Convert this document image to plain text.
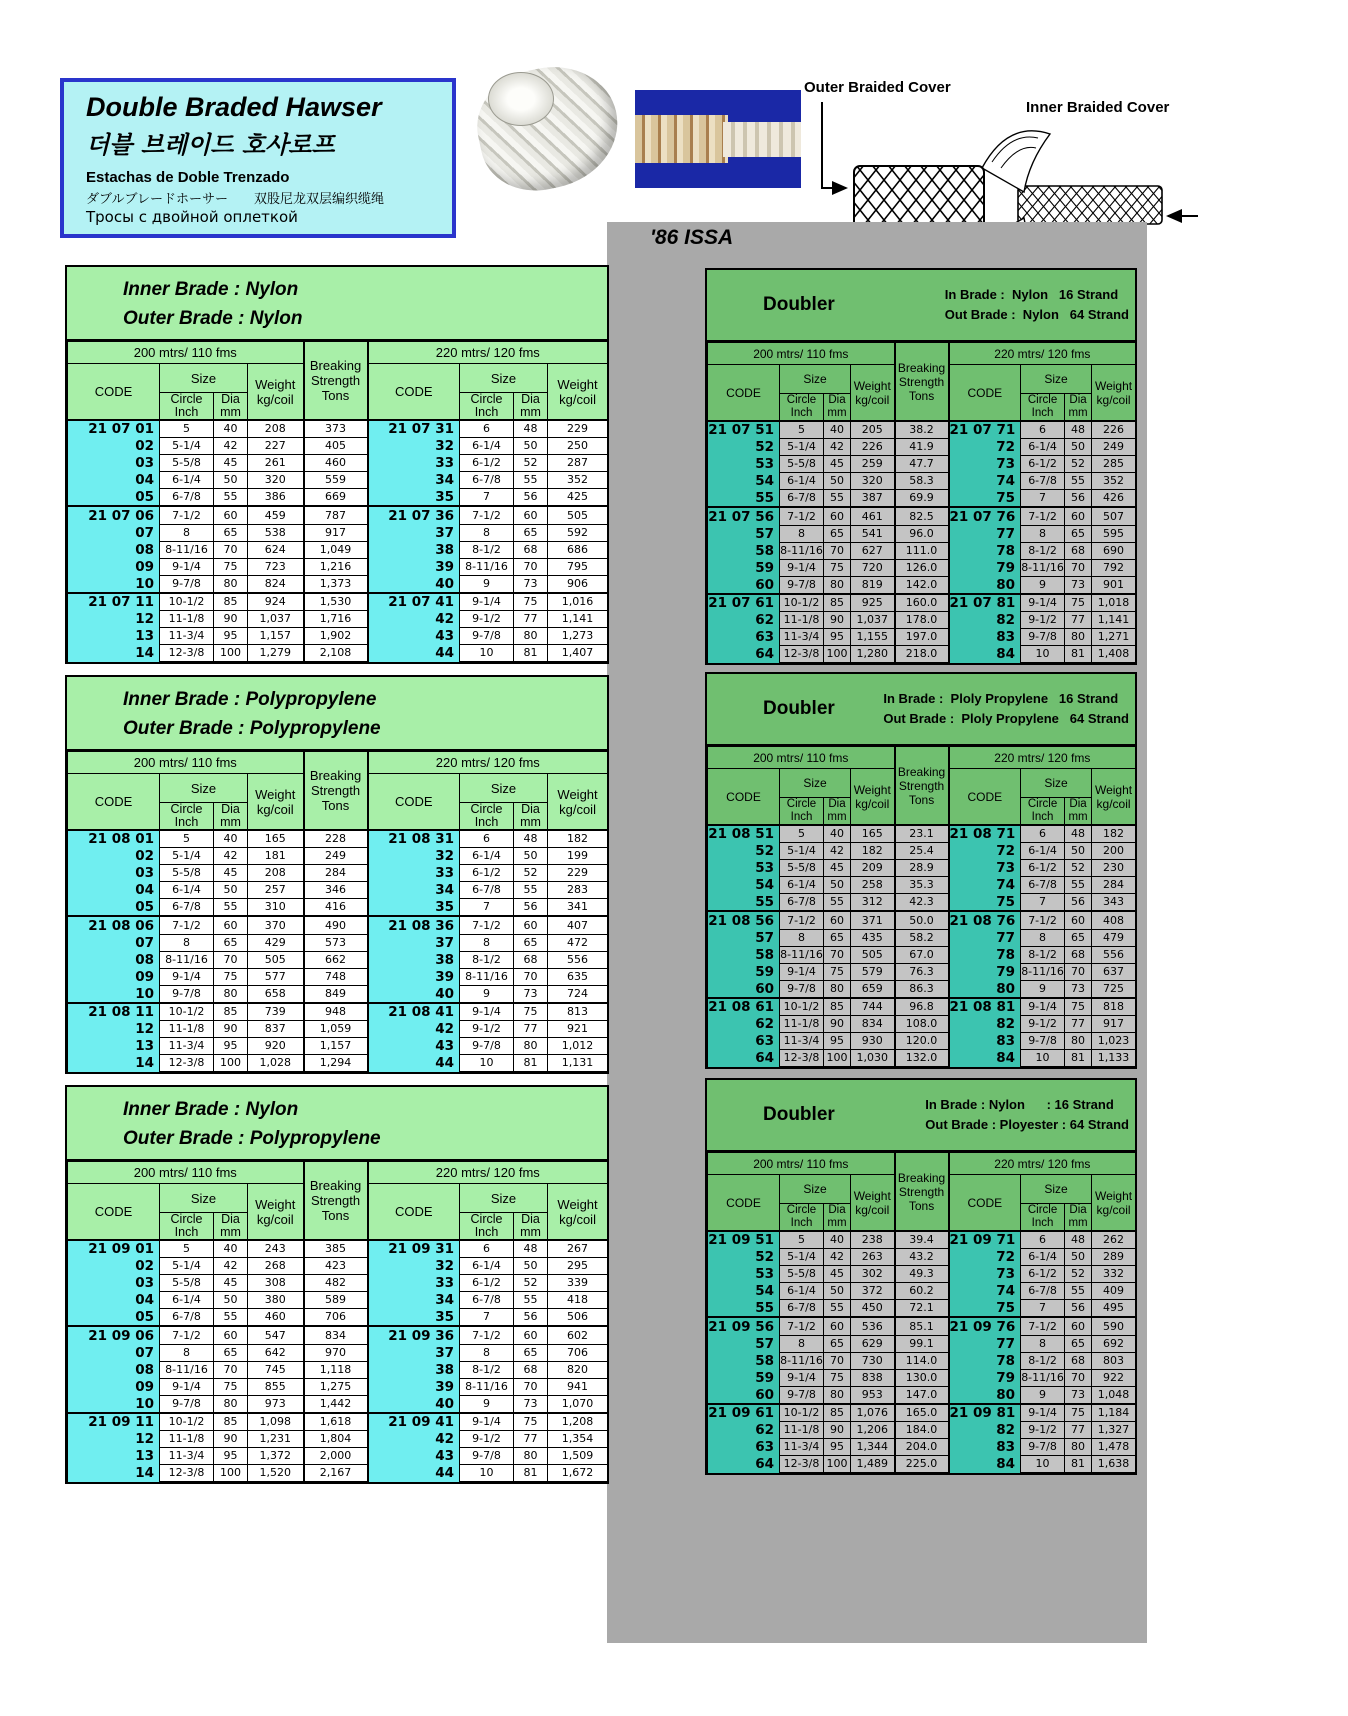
Double Braded Hawser
더블 브레이드 호사로프
Estachas de Doble Trenzado
ダブルブレードホーサー　　双股尼龙双层编织缆绳
Тросы с двойной оплеткой
Outer Braided Cover
Inner Braided Cover
'86 ISSA
Inner Brade : Nylon
Outer Brade : Nylon
200 mtrs/ 110 fms				Breaking
Strength
Tons	220 mtrs/ 120 fms			
CODE	Size		Weight
kg/coil		CODE	Size		Weight
kg/coil
	Circle
Inch	Dia
mm				Circle
Inch	Dia
mm	
21 07 01	5	40	208	373	21 07 31	6	48	229
02	5-1/4	42	227	405	32	6-1/4	50	250
03	5-5/8	45	261	460	33	6-1/2	52	287
04	6-1/4	50	320	559	34	6-7/8	55	352
05	6-7/8	55	386	669	35	7	56	425
21 07 06	7-1/2	60	459	787	21 07 36	7-1/2	60	505
07	8	65	538	917	37	8	65	592
08	8-11/16	70	624	1,049	38	8-1/2	68	686
09	9-1/4	75	723	1,216	39	8-11/16	70	795
10	9-7/8	80	824	1,373	40	9	73	906
21 07 11	10-1/2	85	924	1,530	21 07 41	9-1/4	75	1,016
12	11-1/8	90	1,037	1,716	42	9-1/2	77	1,141
13	11-3/4	95	1,157	1,902	43	9-7/8	80	1,273
14	12-3/8	100	1,279	2,108	44	10	81	1,407
Doubler	In Brade :  Nylon   16 Strand
Out Brade :  Nylon   64 Strand
200 mtrs/ 110 fms				Breaking
Strength
Tons	220 mtrs/ 120 fms			
CODE	Size		Weight
kg/coil		CODE	Size		Weight
kg/coil
	Circle
Inch	Dia
mm				Circle
Inch	Dia
mm	
21 07 51	5	40	205	38.2	21 07 71	6	48	226
52	5-1/4	42	226	41.9	72	6-1/4	50	249
53	5-5/8	45	259	47.7	73	6-1/2	52	285
54	6-1/4	50	320	58.3	74	6-7/8	55	352
55	6-7/8	55	387	69.9	75	7	56	426
21 07 56	7-1/2	60	461	82.5	21 07 76	7-1/2	60	507
57	8	65	541	96.0	77	8	65	595
58	8-11/16	70	627	111.0	78	8-1/2	68	690
59	9-1/4	75	720	126.0	79	8-11/16	70	792
60	9-7/8	80	819	142.0	80	9	73	901
21 07 61	10-1/2	85	925	160.0	21 07 81	9-1/4	75	1,018
62	11-1/8	90	1,037	178.0	82	9-1/2	77	1,141
63	11-3/4	95	1,155	197.0	83	9-7/8	80	1,271
64	12-3/8	100	1,280	218.0	84	10	81	1,408
Inner Brade : Polypropylene
Outer Brade : Polypropylene
200 mtrs/ 110 fms				Breaking
Strength
Tons	220 mtrs/ 120 fms			
CODE	Size		Weight
kg/coil		CODE	Size		Weight
kg/coil
	Circle
Inch	Dia
mm				Circle
Inch	Dia
mm	
21 08 01	5	40	165	228	21 08 31	6	48	182
02	5-1/4	42	181	249	32	6-1/4	50	199
03	5-5/8	45	208	284	33	6-1/2	52	229
04	6-1/4	50	257	346	34	6-7/8	55	283
05	6-7/8	55	310	416	35	7	56	341
21 08 06	7-1/2	60	370	490	21 08 36	7-1/2	60	407
07	8	65	429	573	37	8	65	472
08	8-11/16	70	505	662	38	8-1/2	68	556
09	9-1/4	75	577	748	39	8-11/16	70	635
10	9-7/8	80	658	849	40	9	73	724
21 08 11	10-1/2	85	739	948	21 08 41	9-1/4	75	813
12	11-1/8	90	837	1,059	42	9-1/2	77	921
13	11-3/4	95	920	1,157	43	9-7/8	80	1,012
14	12-3/8	100	1,028	1,294	44	10	81	1,131
Doubler	In Brade :  Ploly Propylene   16 Strand
Out Brade :  Ploly Propylene   64 Strand
200 mtrs/ 110 fms				Breaking
Strength
Tons	220 mtrs/ 120 fms			
CODE	Size		Weight
kg/coil		CODE	Size		Weight
kg/coil
	Circle
Inch	Dia
mm				Circle
Inch	Dia
mm	
21 08 51	5	40	165	23.1	21 08 71	6	48	182
52	5-1/4	42	182	25.4	72	6-1/4	50	200
53	5-5/8	45	209	28.9	73	6-1/2	52	230
54	6-1/4	50	258	35.3	74	6-7/8	55	284
55	6-7/8	55	312	42.3	75	7	56	343
21 08 56	7-1/2	60	371	50.0	21 08 76	7-1/2	60	408
57	8	65	435	58.2	77	8	65	479
58	8-11/16	70	505	67.0	78	8-1/2	68	556
59	9-1/4	75	579	76.3	79	8-11/16	70	637
60	9-7/8	80	659	86.3	80	9	73	725
21 08 61	10-1/2	85	744	96.8	21 08 81	9-1/4	75	818
62	11-1/8	90	834	108.0	82	9-1/2	77	917
63	11-3/4	95	930	120.0	83	9-7/8	80	1,023
64	12-3/8	100	1,030	132.0	84	10	81	1,133
Inner Brade : Nylon
Outer Brade : Polypropylene
200 mtrs/ 110 fms				Breaking
Strength
Tons	220 mtrs/ 120 fms			
CODE	Size		Weight
kg/coil		CODE	Size		Weight
kg/coil
	Circle
Inch	Dia
mm				Circle
Inch	Dia
mm	
21 09 01	5	40	243	385	21 09 31	6	48	267
02	5-1/4	42	268	423	32	6-1/4	50	295
03	5-5/8	45	308	482	33	6-1/2	52	339
04	6-1/4	50	380	589	34	6-7/8	55	418
05	6-7/8	55	460	706	35	7	56	506
21 09 06	7-1/2	60	547	834	21 09 36	7-1/2	60	602
07	8	65	642	970	37	8	65	706
08	8-11/16	70	745	1,118	38	8-1/2	68	820
09	9-1/4	75	855	1,275	39	8-11/16	70	941
10	9-7/8	80	973	1,442	40	9	73	1,070
21 09 11	10-1/2	85	1,098	1,618	21 09 41	9-1/4	75	1,208
12	11-1/8	90	1,231	1,804	42	9-1/2	77	1,354
13	11-3/4	95	1,372	2,000	43	9-7/8	80	1,509
14	12-3/8	100	1,520	2,167	44	10	81	1,672
Doubler	In Brade : Nylon      : 16 Strand
Out Brade : Ployester : 64 Strand
200 mtrs/ 110 fms				Breaking
Strength
Tons	220 mtrs/ 120 fms			
CODE	Size		Weight
kg/coil		CODE	Size		Weight
kg/coil
	Circle
Inch	Dia
mm				Circle
Inch	Dia
mm	
21 09 51	5	40	238	39.4	21 09 71	6	48	262
52	5-1/4	42	263	43.2	72	6-1/4	50	289
53	5-5/8	45	302	49.3	73	6-1/2	52	332
54	6-1/4	50	372	60.2	74	6-7/8	55	409
55	6-7/8	55	450	72.1	75	7	56	495
21 09 56	7-1/2	60	536	85.1	21 09 76	7-1/2	60	590
57	8	65	629	99.1	77	8	65	692
58	8-11/16	70	730	114.0	78	8-1/2	68	803
59	9-1/4	75	838	130.0	79	8-11/16	70	922
60	9-7/8	80	953	147.0	80	9	73	1,048
21 09 61	10-1/2	85	1,076	165.0	21 09 81	9-1/4	75	1,184
62	11-1/8	90	1,206	184.0	82	9-1/2	77	1,327
63	11-3/4	95	1,344	204.0	83	9-7/8	80	1,478
64	12-3/8	100	1,489	225.0	84	10	81	1,638
